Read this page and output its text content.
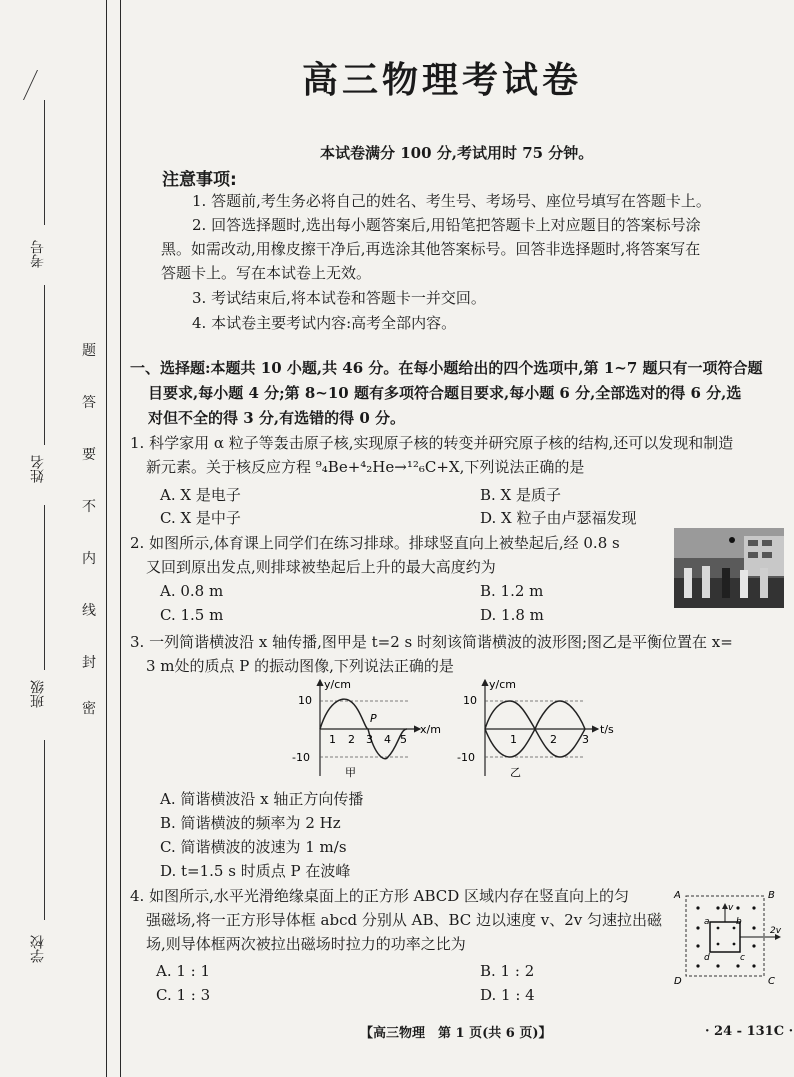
题
答
要
不
内
线
封
密
考号
姓名
班级
学校
高三物理考试卷
本试卷满分 100 分,考试用时 75 分钟。
注意事项:
1. 答题前,考生务必将自己的姓名、考生号、考场号、座位号填写在答题卡上。
2. 回答选择题时,选出每小题答案后,用铅笔把答题卡上对应题目的答案标号涂
黑。如需改动,用橡皮擦干净后,再选涂其他答案标号。回答非选择题时,将答案写在
答题卡上。写在本试卷上无效。
3. 考试结束后,将本试卷和答题卡一并交回。
4. 本试卷主要考试内容:高考全部内容。
一、选择题:本题共 10 小题,共 46 分。在每小题给出的四个选项中,第 1~7 题只有一项符合题
目要求,每小题 4 分;第 8~10 题有多项符合题目要求,每小题 6 分,全部选对的得 6 分,选
对但不全的得 3 分,有选错的得 0 分。
1. 科学家用 α 粒子等轰击原子核,实现原子核的转变并研究原子核的结构,还可以发现和制造
新元素。关于核反应方程 ⁹₄Be+⁴₂He→¹²₆C+X,下列说法正确的是
A. X 是电子	B. X 是质子
C. X 是中子	D. X 粒子由卢瑟福发现
2. 如图所示,体育课上同学们在练习排球。排球竖直向上被垫起后,经 0.8 s
又回到原出发点,则排球被垫起后上升的最大高度约为
A. 0.8 m	B. 1.2 m
C. 1.5 m	D. 1.8 m
3. 一列简谐横波沿 x 轴传播,图甲是 t=2 s 时刻该简谐横波的波形图;图乙是平衡位置在 x=
3 m处的质点 P 的振动图像,下列说法正确的是
y/cm
x/m
10
-10
1 2 3 4 5
P
甲
y/cm
t/s
10
-10
1	2 3
乙
A. 简谐横波沿 x 轴正方向传播
B. 简谐横波的频率为 2 Hz
C. 简谐横波的波速为 1 m/s
D. t=1.5 s 时质点 P 在波峰
4. 如图所示,水平光滑绝缘桌面上的正方形 ABCD 区域内存在竖直向上的匀
强磁场,将一正方形导体框 abcd 分别从 AB、BC 边以速度 v、2v 匀速拉出磁
场,则导体框两次被拉出磁场时拉力的功率之比为
A. 1 : 1	B. 1 : 2
C. 1 : 3	D. 1 : 4
A	B
C
D
a	b
c
d
v
2v
【高三物理　第 1 页(共 6 页)】	· 24 - 131C ·
